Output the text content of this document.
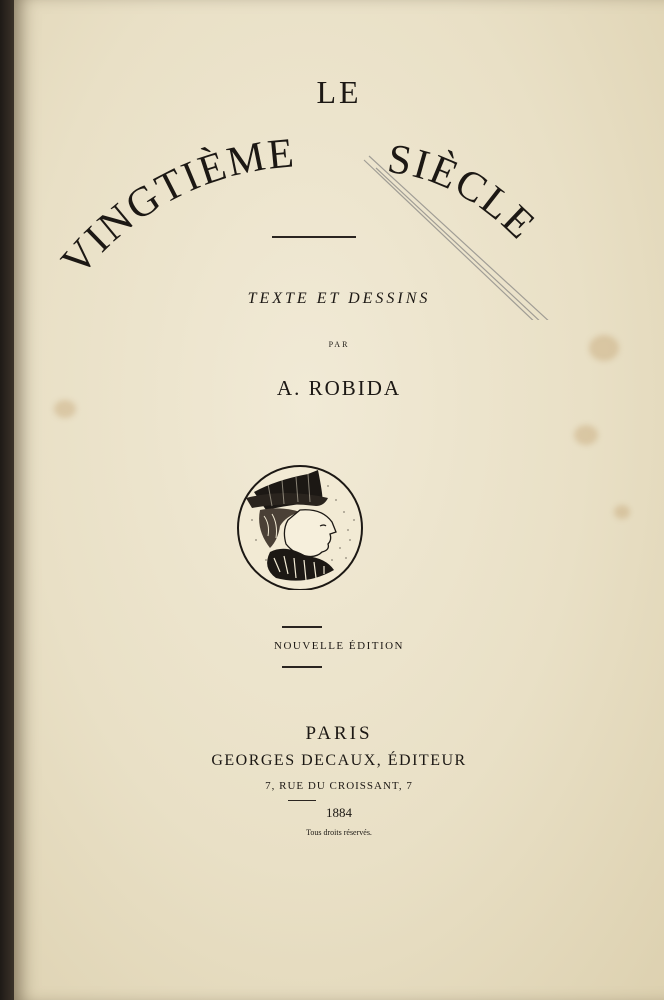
LE
VINGTIÈME SIÈCLE
TEXTE ET DESSINS
PAR
A. ROBIDA
NOUVELLE ÉDITION
PARIS
GEORGES DECAUX, ÉDITEUR
7, RUE DU CROISSANT, 7
1884
Tous droits réservés.
